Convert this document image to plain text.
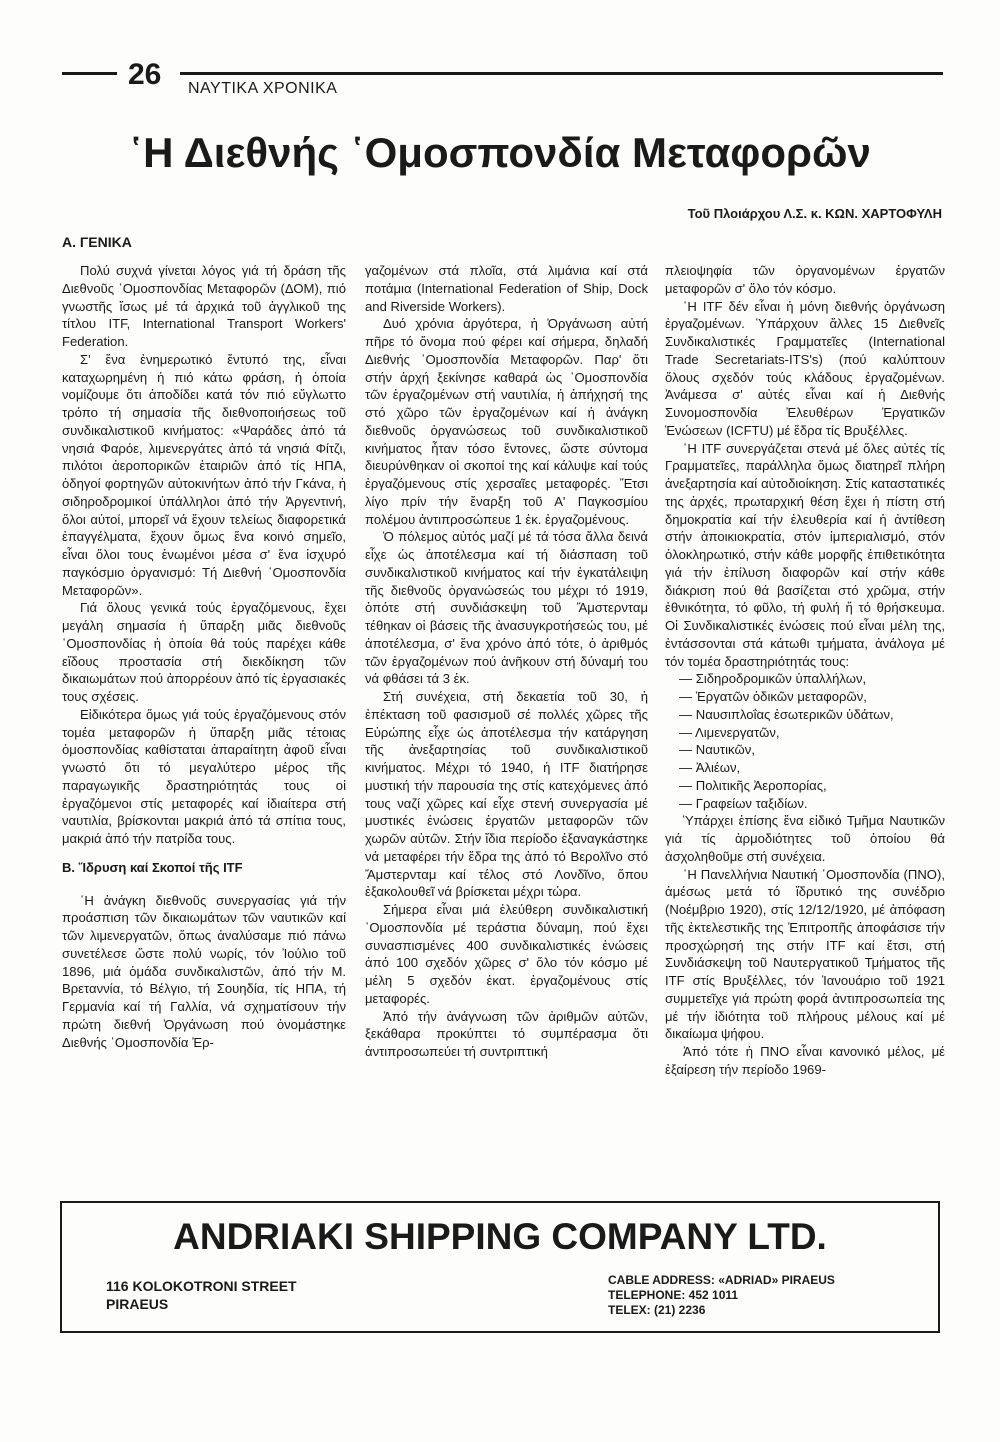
26 ΝΑΥΤΙΚΑ ΧΡΟΝΙΚΑ
῾Η Διεθνής ῾Ομοσπονδία Μεταφορῶν
Τοῦ Πλοιάρχου Λ.Σ. κ. ΚΩΝ. ΧΑΡΤΟΦΥΛΗ
Α. ΓΕΝΙΚΑ

Πολύ συχνά γίνεται λόγος γιά τή δράση τῆς Διεθνοῦς ῾Ομοσπονδίας Μεταφορῶν (ΔΟΜ), πιό γνωστῆς ἴσως μέ τά ἀρχικά τοῦ ἀγγλικοῦ της τίτλου ITF, International Transport Workers' Federation.

Σ' ἕνα ἐνημερωτικό ἔντυπό της, εἶναι καταχωρημένη ἡ πιό κάτω φράση, ἡ ὁποία νομίζουμε ὅτι ἀποδίδει κατά τόν πιό εὔγλωττο τρόπο τή σημασία τῆς διεθνοποιήσεως τοῦ συνδικαλιστικοῦ κινήματος: «Ψαράδες ἀπό τά νησιά Φαρόε, λιμενεργάτες ἀπό τά νησιά Φίτζι, πιλότοι ἀεροπορικῶν ἑταιριῶν ἀπό τίς ΗΠΑ, ὁδηγοί φορτηγῶν αὐτοκινήτων ἀπό τήν Γκάνα, ἡ σιδηροδρομικοί ὑπάλληλοι ἀπό τήν Ἀργεντινή, ὅλοι αὐτοί, μπορεῖ νά ἔχουν τελείως διαφορετικά ἐπαγγέλματα, ἔχουν ὅμως ἕνα κοινό σημεῖο, εἶναι ὅλοι τους ἑνωμένοι μέσα σ' ἕνα ἰσχυρό παγκόσμιο ὀργανισμό: Τή Διεθνή ῾Ομοσπονδία Μεταφορῶν».

Γιά ὅλους γενικά τούς ἐργαζόμενους, ἔχει μεγάλη σημασία ἡ ὕπαρξη μιᾶς διεθνοῦς ῾Ομοσπονδίας ἡ ὁποία θά τούς παρέχει κάθε εἴδους προστασία στή διεκδίκηση τῶν δικαιωμάτων πού ἀπορρέουν ἀπό τίς ἐργασιακές τους σχέσεις.

Εἰδικότερα ὅμως γιά τούς ἐργαζόμενους στόν τομέα μεταφορῶν ἡ ὕπαρξη μιᾶς τέτοιας ὁμοσπονδίας καθίσταται ἀπαραίτητη ἀφοῦ εἶναι γνωστό ὅτι τό μεγαλύτερο μέρος τῆς παραγωγικῆς δραστηριότητάς τους οἱ ἐργαζόμενοι στίς μεταφορές καί ἰδιαίτερα στή ναυτιλία, βρίσκονται μακριά ἀπό τά σπίτια τους, μακριά ἀπό τήν πατρίδα τους.

Β. Ἵδρυση καί Σκοποί τῆς ITF

῾Η ἀνάγκη διεθνοῦς συνεργασίας γιά τήν προάσπιση τῶν δικαιωμάτων τῶν ναυτικῶν καί τῶν λιμενεργατῶν, ὅπως ἀναλύσαμε πιό πάνω συνετέλεσε ὥστε πολύ νωρίς, τόν Ἰούλιο τοῦ 1896, μιά ὁμάδα συνδικαλιστῶν, ἀπό τήν Μ. Βρεταννία, τό Βέλγιο, τή Σουηδία, τίς ΗΠΑ, τή Γερμανία καί τή Γαλλία, νά σχηματίσουν τήν πρώτη διεθνή Ὀργάνωση πού ὀνομάστηκε Διεθνής ῾Ομοσπονδία Ἐρ-

γαζομένων στά πλοῖα, στά λιμάνια καί στά ποτάμια (International Federation of Ship, Dock and Riverside Workers).

Δυό χρόνια ἀργότερα, ἡ Ὀργάνωση αὐτή πῆρε τό ὄνομα πού φέρει καί σήμερα, δηλαδή Διεθνής ῾Ομοσπονδία Μεταφορῶν. Παρ' ὅτι στήν ἀρχή ξεκίνησε καθαρά ὡς ῾Ομοσπονδία τῶν ἐργαζομένων στή ναυτιλία, ἡ ἀπήχησή της στό χῶρο τῶν ἐργαζομένων καί ἡ ἀνάγκη διεθνοῦς ὀργανώσεως τοῦ συνδικαλιστικοῦ κινήματος ἦταν τόσο ἔντονες, ὥστε σύντομα διευρύνθηκαν οἱ σκοποί της καί κάλυψε καί τούς ἐργαζόμενους στίς χερσαῖες μεταφορές. Ἔτσι λίγο πρίν τήν ἔναρξη τοῦ Α' Παγκοσμίου πολέμου ἀντιπροσώπευε 1 ἑκ. ἐργαζομένους.

Ὁ πόλεμος αὐτός μαζί μέ τά τόσα ἄλλα δεινά εἶχε ὡς ἀποτέλεσμα καί τή διάσπαση τοῦ συνδικαλιστικοῦ κινήματος καί τήν ἐγκατάλειψη τῆς διεθνοῦς ὀργανώσεώς του μέχρι τό 1919, ὁπότε στή συνδιάσκεψη τοῦ Ἄμστερνταμ τέθηκαν οἱ βάσεις τῆς ἀνασυγκροτήσεώς του, μέ ἀποτέλεσμα, σ' ἕνα χρόνο ἀπό τότε, ὁ ἀριθμός τῶν ἐργαζομένων πού ἀνῆκουν στή δύναμή του νά φθάσει τά 3 ἑκ.

Στή συνέχεια, στή δεκαετία τοῦ 30, ἡ ἐπέκταση τοῦ φασισμοῦ σέ πολλές χῶρες τῆς Εὐρώπης εἶχε ὡς ἀποτέλεσμα τήν κατάργηση τῆς ἀνεξαρτησίας τοῦ συνδικαλιστικοῦ κινήματος. Μέχρι τό 1940, ἡ ITF διατήρησε μυστική τήν παρουσία της στίς κατεχόμενες ἀπό τους ναζί χῶρες καί εἶχε στενή συνεργασία μέ μυστικές ἑνώσεις ἐργατῶν μεταφορῶν τῶν χωρῶν αὐτῶν. Στήν ἴδια περίοδο ἐξαναγκάστηκε νά μεταφέρει τήν ἕδρα της ἀπό τό Βερολῖνο στό Ἄμστερνταμ καί τέλος στό Λονδῖνο, ὅπου ἐξακολουθεῖ νά βρίσκεται μέχρι τώρα.

Σήμερα εἶναι μιά ἐλεύθερη συνδικαλιστική ῾Ομοσπονδία μέ τεράστια δύναμη, πού ἔχει συνασπισμένες 400 συνδικαλιστικές ἑνώσεις ἀπό 100 σχεδόν χῶρες σ' ὅλο τόν κόσμο μέ μέλη 5 σχεδόν ἑκατ. ἐργαζομένους στίς μεταφορές.

Ἀπό τήν ἀνάγνωση τῶν ἀριθμῶν αὐτῶν, ξεκάθαρα προκύπτει τό συμπέρασμα ὅτι ἀντιπροσωπεύει τή συντριπτική

πλειοψηφία τῶν ὀργανομένων ἐργατῶν μεταφορῶν σ' ὅλο τόν κόσμο.

῾Η ITF δέν εἶναι ἡ μόνη διεθνής ὀργάνωση ἐργαζομένων. Ὑπάρχουν ἄλλες 15 Διεθνεῖς Συνδικαλιστικές Γραμματεῖες (International Trade Secretariats-ITS's) (πού καλύπτουν ὅλους σχεδόν τούς κλάδους ἐργαζομένων. Ἀνάμεσα σ' αὐτές εἶναι καί ἡ Διεθνής Συνομοσπονδία Ἐλευθέρων Ἐργατικῶν Ἑνώσεων (ICFTU) μέ ἕδρα τίς Βρυξέλλες.

῾Η ITF συνεργάζεται στενά μέ ὅλες αὐτές τίς Γραμματεῖες, παράλληλα ὅμως διατηρεῖ πλήρη ἀνεξαρτησία καί αὐτοδιοίκηση. Στίς καταστατικές της ἀρχές, πρωταρχική θέση ἔχει ἡ πίστη στή δημοκρατία καί τήν ἐλευθερία καί ἡ ἀντίθεση στήν ἀποικιοκρατία, στόν ἰμπεριαλισμό, στόν ὁλοκληρωτικό, στήν κάθε μορφῆς ἐπιθετικότητα γιά τήν ἐπίλυση διαφορῶν καί στήν κάθε διάκριση πού θά βασίζεται στό χρῶμα, στήν ἐθνικότητα, τό φῦλο, τή φυλή ἤ τό θρήσκευμα. Οἱ Συνδικαλιστικές ἑνώσεις πού εἶναι μέλη της, ἐντάσσονται στά κάτωθι τμήματα, ἀνάλογα μέ τόν τομέα δραστηριότητάς τους:

— Σιδηροδρομικῶν ὑπαλλήλων,
— Ἐργατῶν ὁδικῶν μεταφορῶν,
— Ναυσιπλοΐας ἐσωτερικῶν ὑδάτων,
— Λιμενεργατῶν,
— Ναυτικῶν,
— Ἀλιέων,
— Πολιτικῆς Ἀεροπορίας,
— Γραφείων ταξιδίων.

Ὑπάρχει ἐπίσης ἕνα εἰδικό Τμῆμα Ναυτικῶν γιά τίς ἁρμοδιότητες τοῦ ὁποίου θά ἀσχοληθοῦμε στή συνέχεια.

῾Η Πανελλήνια Ναυτική ῾Ομοσπονδία (ΠΝΟ), ἀμέσως μετά τό ἵδρυτικό της συνέδριο (Νοέμβριο 1920), στίς 12/12/1920, μέ ἀπόφαση τῆς ἐκτελεστικῆς της Ἐπιτροπῆς ἀποφάσισε τήν προσχώρησή της στήν ITF καί ἔτσι, στή Συνδιάσκεψη τοῦ Ναυτεργατικοῦ Τμήματος τῆς ITF στίς Βρυξέλλες, τόν Ἰανουάριο τοῦ 1921 συμμετεῖχε γιά πρώτη φορά ἀντιπροσωπεία της μέ τήν ἰδιότητα τοῦ πλήρους μέλους καί μέ δικαίωμα ψήφου.

Ἀπό τότε ἡ ΠΝΟ εἶναι κανονικό μέλος, μέ ἐξαίρεση τήν περίοδο 1969-

ANDRIAKI SHIPPING COMPANY LTD.
116 KOLOKOTRONI STREET
PIRAEUS
CABLE ADDRESS: «ADRIAD» PIRAEUS
TELEPHONE: 452 1011
TELEX: (21) 2236
